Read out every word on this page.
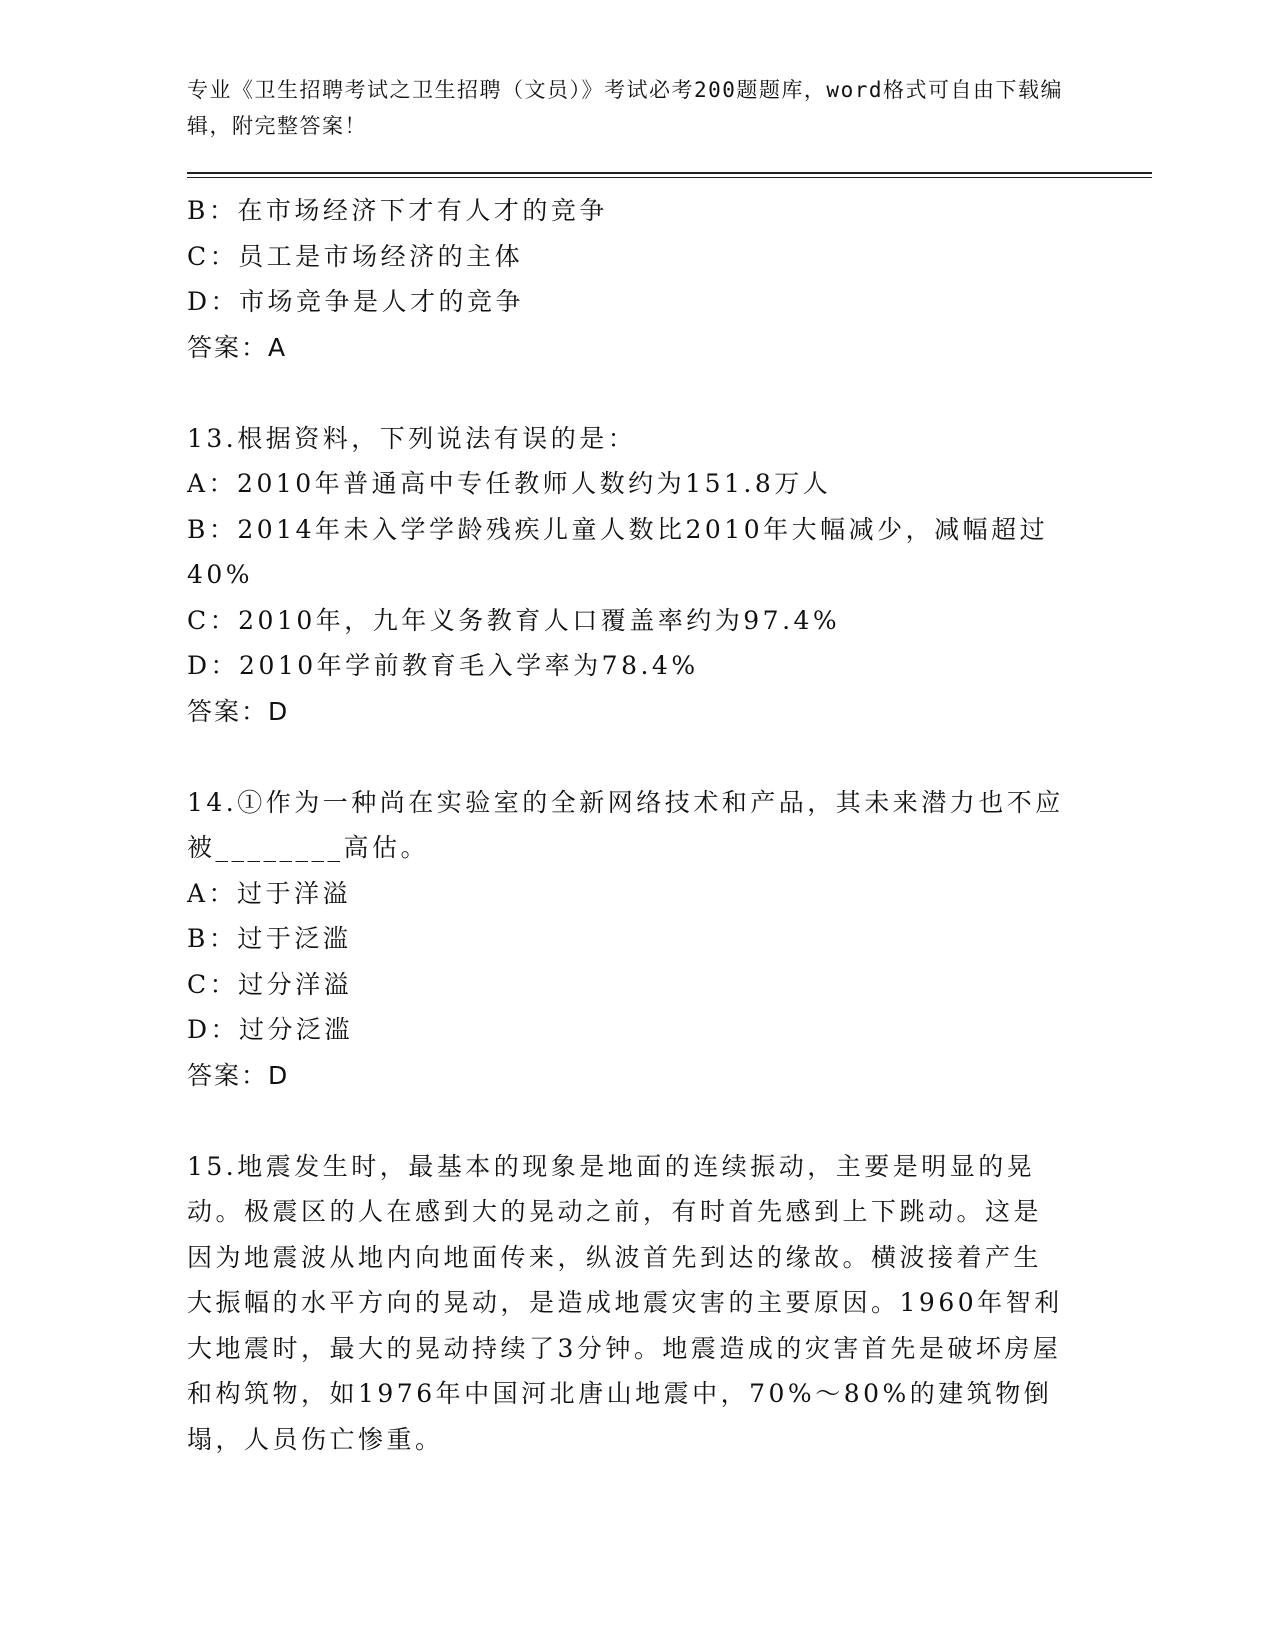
专业《卫生招聘考试之卫生招聘（文员）》考试必考200题题库，word格式可自由下载编辑，附完整答案！
B：在市场经济下才有人才的竞争
C：员工是市场经济的主体
D：市场竞争是人才的竞争
答案：A
13.根据资料，下列说法有误的是：
A：2010年普通高中专任教师人数约为151.8万人
B：2014年未入学学龄残疾儿童人数比2010年大幅减少，减幅超过40%
C：2010年，九年义务教育人口覆盖率约为97.4%
D：2010年学前教育毛入学率为78.4%
答案：D
14.①作为一种尚在实验室的全新网络技术和产品，其未来潜力也不应被________高估。
A：过于洋溢
B：过于泛滥
C：过分洋溢
D：过分泛滥
答案：D
15.地震发生时，最基本的现象是地面的连续振动，主要是明显的晃动。极震区的人在感到大的晃动之前，有时首先感到上下跳动。这是因为地震波从地内向地面传来，纵波首先到达的缘故。横波接着产生大振幅的水平方向的晃动，是造成地震灾害的主要原因。1960年智利大地震时，最大的晃动持续了3分钟。地震造成的灾害首先是破坏房屋和构筑物，如1976年中国河北唐山地震中，70%～80%的建筑物倒塌，人员伤亡惨重。
